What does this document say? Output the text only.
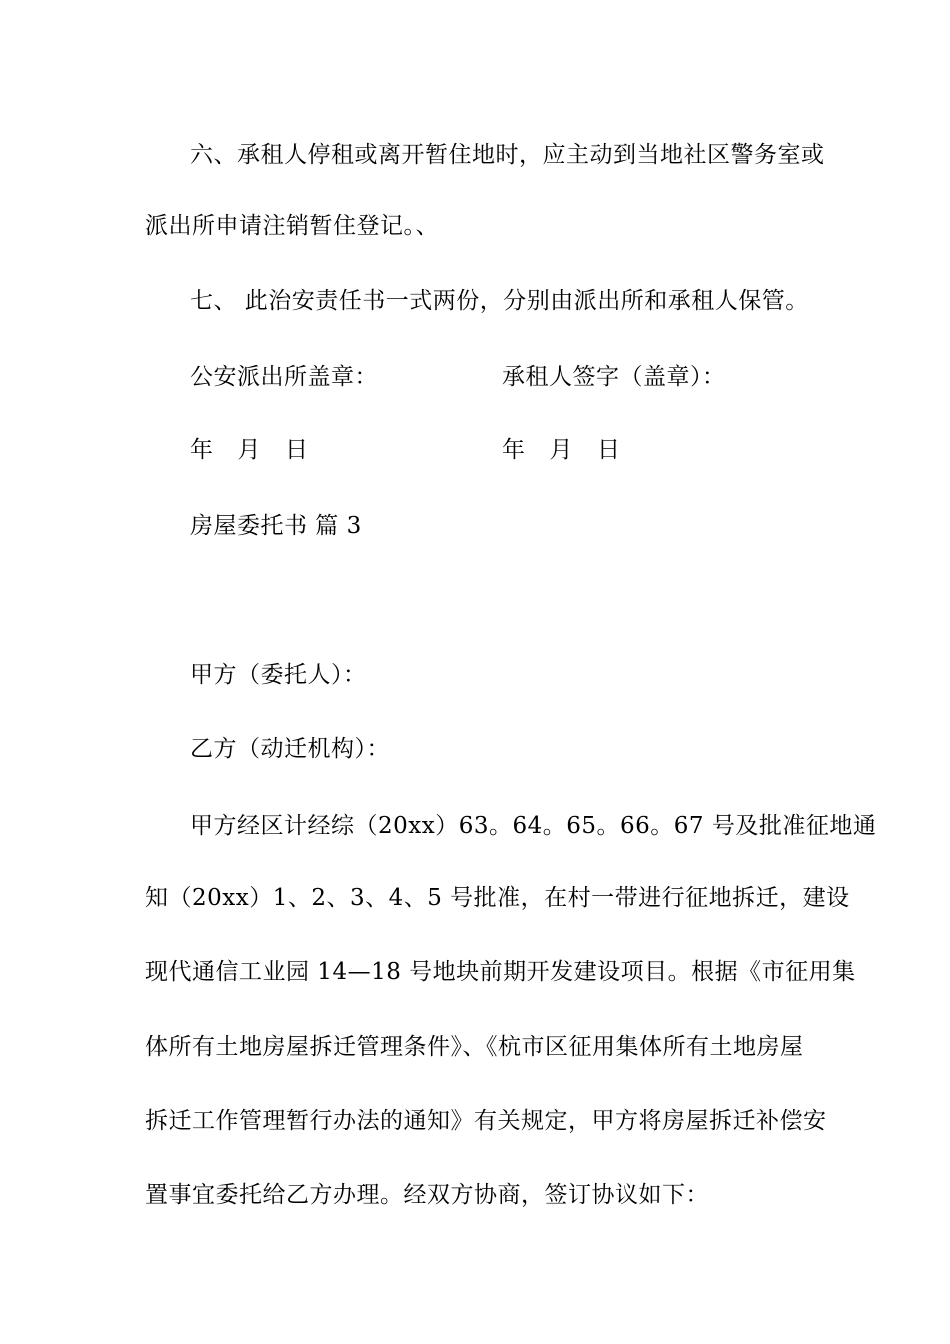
六、承租人停租或离开暂住地时，应主动到当地社区警务室或
派出所申请注销暂住登记。、
七、 此治安责任书一式两份，分别由派出所和承租人保管。
公安派出所盖章：	承租人签字（盖章）：
年 月 日	年 月 日
房屋委托书 篇 3
甲方（委托人）：
乙方（动迁机构）：
甲方经区计经综（20xx）63。64。65。66。67 号及批准征地通
知（20xx）1、2、3、4、5 号批准，在村一带进行征地拆迁，建设
现代通信工业园 14—18 号地块前期开发建设项目。根据《市征用集
体所有土地房屋拆迁管理条件》、《杭市区征用集体所有土地房屋
拆迁工作管理暂行办法的通知》有关规定，甲方将房屋拆迁补偿安
置事宜委托给乙方办理。经双方协商，签订协议如下：
